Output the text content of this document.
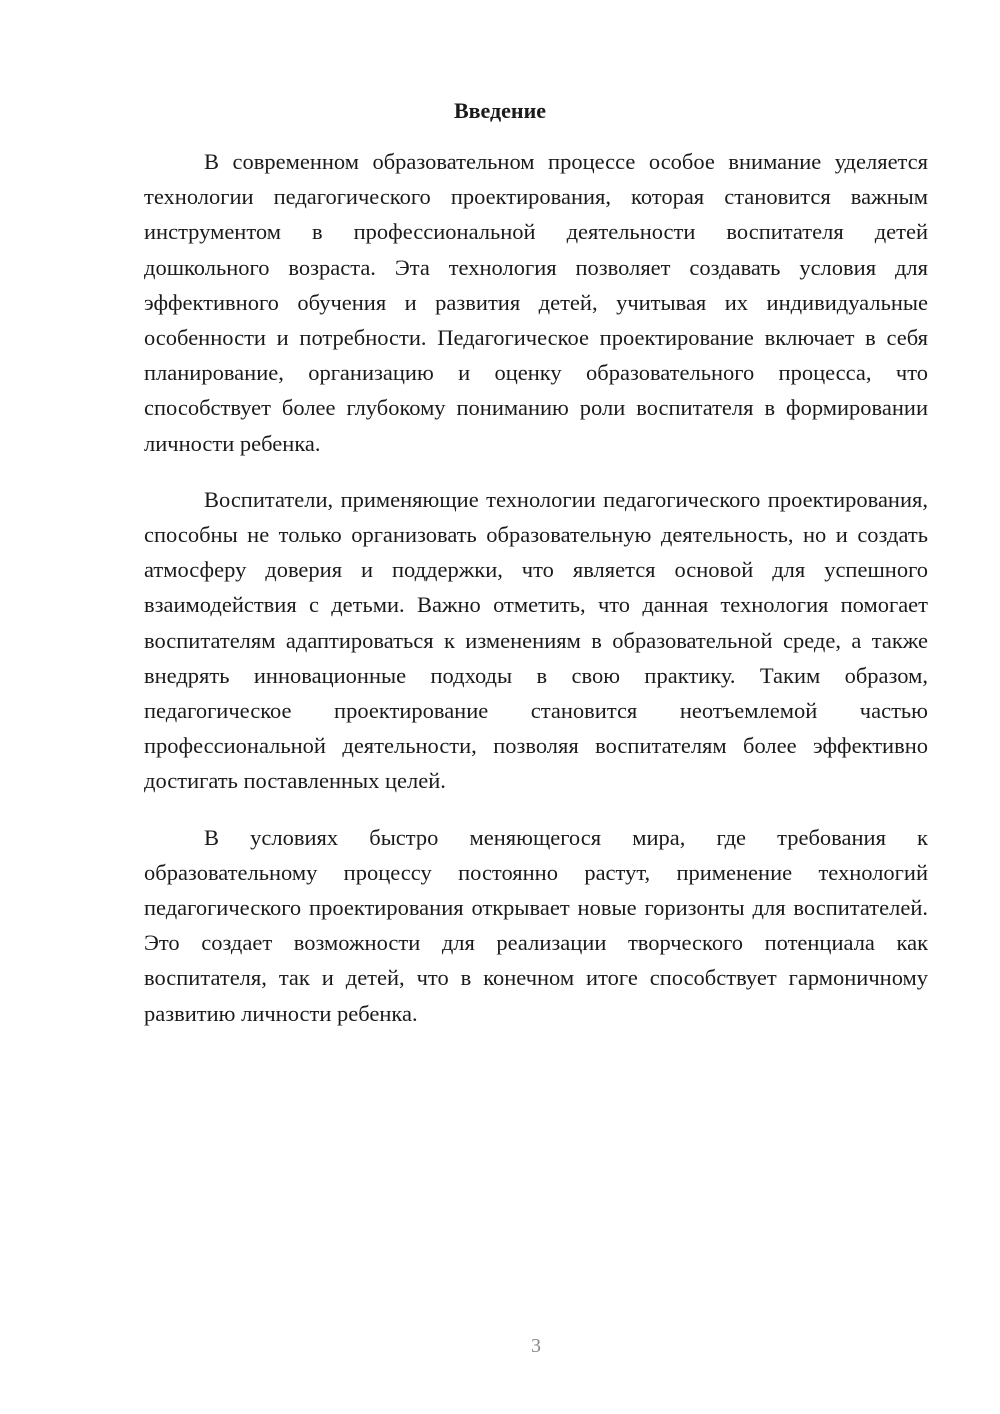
Введение

В современном образовательном процессе особое внимание уделяется технологии педагогического проектирования, которая становится важным инструментом в профессиональной деятельности воспитателя детей дошкольного возраста. Эта технология позволяет создавать условия для эффективного обучения и развития детей, учитывая их индивидуальные особенности и потребности. Педагогическое проектирование включает в себя планирование, организацию и оценку образовательного процесса, что способствует более глубокому пониманию роли воспитателя в формировании личности ребенка.

Воспитатели, применяющие технологии педагогического проектирования, способны не только организовать образовательную деятельность, но и создать атмосферу доверия и поддержки, что является основой для успешного взаимодействия с детьми. Важно отметить, что данная технология помогает воспитателям адаптироваться к изменениям в образовательной среде, а также внедрять инновационные подходы в свою практику. Таким образом, педагогическое проектирование становится неотъемлемой частью профессиональной деятельности, позволяя воспитателям более эффективно достигать поставленных целей.

В условиях быстро меняющегося мира, где требования к образовательному процессу постоянно растут, применение технологий педагогического проектирования открывает новые горизонты для воспитателей. Это создает возможности для реализации творческого потенциала как воспитателя, так и детей, что в конечном итоге способствует гармоничному развитию личности ребенка.

3
